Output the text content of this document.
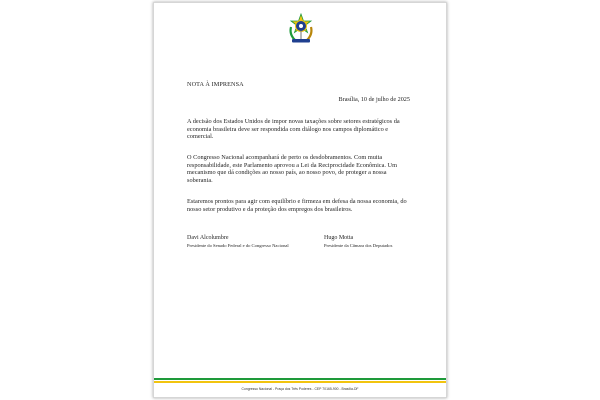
NOTA À IMPRENSA
Brasília, 10 de julho de 2025

A decisão dos Estados Unidos de impor novas taxações sobre setores estratégicos da economia brasileira deve ser respondida com diálogo nos campos diplomático e comercial.

O Congresso Nacional acompanhará de perto os desdobramentos. Com muita responsabilidade, este Parlamento aprovou a Lei da Reciprocidade Econômica. Um mecanismo que dá condições ao nosso país, ao nosso povo, de proteger a nossa soberania.

Estaremos prontos para agir com equilíbrio e firmeza em defesa da nossa economia, do nosso setor produtivo e da proteção dos empregos dos brasileiros.

Davi Alcolumbre
Presidente do Senado Federal e do Congresso Nacional
Hugo Motta
Presidente da Câmara dos Deputados
Congresso Nacional - Praça dos Três Poderes - CEP 70165-900 - Brasília-DF
